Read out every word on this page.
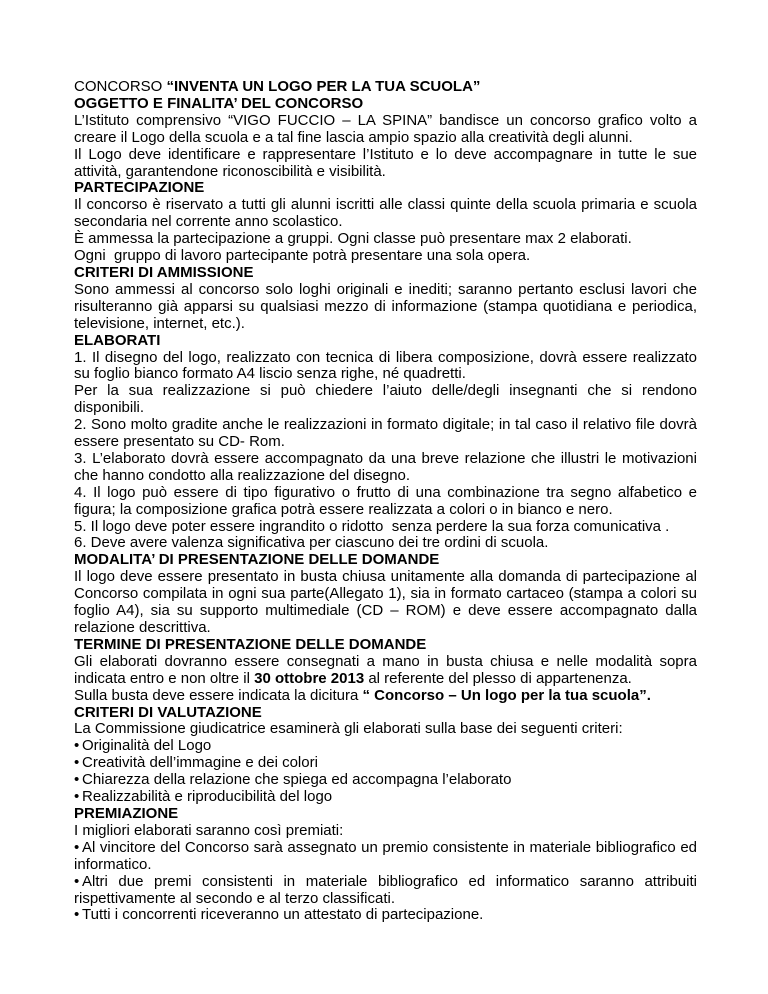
CONCORSO “INVENTA UN LOGO PER LA TUA SCUOLA”

OGGETTO E FINALITA’ DEL CONCORSO

L’Istituto comprensivo “VIGO FUCCIO – LA SPINA” bandisce un concorso grafico volto a creare il Logo della scuola e a tal fine lascia ampio spazio alla creatività degli alunni.

Il Logo deve identificare e rappresentare l’Istituto e lo deve accompagnare in tutte le sue attività, garantendone riconoscibilità e visibilità.

PARTECIPAZIONE

Il concorso è riservato a tutti gli alunni iscritti alle classi quinte della scuola primaria e scuola secondaria nel corrente anno scolastico.

È ammessa la partecipazione a gruppi. Ogni classe può presentare max 2 elaborati.

Ogni  gruppo di lavoro partecipante potrà presentare una sola opera.

CRITERI DI AMMISSIONE

Sono ammessi al concorso solo loghi originali e inediti; saranno pertanto esclusi lavori che risulteranno già apparsi su qualsiasi mezzo di informazione (stampa quotidiana e periodica, televisione, internet, etc.).

ELABORATI

1. Il disegno del logo, realizzato con tecnica di libera composizione, dovrà essere realizzato su foglio bianco formato A4 liscio senza righe, né quadretti.

Per la sua realizzazione si può chiedere l’aiuto delle/degli insegnanti che si rendono disponibili.

2. Sono molto gradite anche le realizzazioni in formato digitale; in tal caso il relativo file dovrà essere presentato su CD- Rom.

3. L’elaborato dovrà essere accompagnato da una breve relazione che illustri le motivazioni che hanno condotto alla realizzazione del disegno.

4. Il logo può essere di tipo figurativo o frutto di una combinazione tra segno alfabetico e figura; la composizione grafica potrà essere realizzata a colori o in bianco e nero.

5. Il logo deve poter essere ingrandito o ridotto  senza perdere la sua forza comunicativa .

6. Deve avere valenza significativa per ciascuno dei tre ordini di scuola.

MODALITA’ DI PRESENTAZIONE DELLE DOMANDE

Il logo deve essere presentato in busta chiusa unitamente alla domanda di partecipazione al Concorso compilata in ogni sua parte(Allegato 1), sia in formato cartaceo (stampa a colori su foglio A4), sia su supporto multimediale (CD – ROM) e deve essere accompagnato dalla relazione descrittiva.

TERMINE DI PRESENTAZIONE DELLE DOMANDE

Gli elaborati dovranno essere consegnati a mano in busta chiusa e nelle modalità sopra indicata entro e non oltre il 30 ottobre 2013 al referente del plesso di appartenenza.

Sulla busta deve essere indicata la dicitura “ Concorso – Un logo per la tua scuola”.

CRITERI DI VALUTAZIONE

La Commissione giudicatrice esaminerà gli elaborati sulla base dei seguenti criteri:

• Originalità del Logo

• Creatività dell’immagine e dei colori

• Chiarezza della relazione che spiega ed accompagna l’elaborato

• Realizzabilità e riproducibilità del logo

PREMIAZIONE

I migliori elaborati saranno così premiati:

• Al vincitore del Concorso sarà assegnato un premio consistente in materiale bibliografico ed informatico.

• Altri due premi consistenti in materiale bibliografico ed informatico saranno attribuiti rispettivamente al secondo e al terzo classificati.

• Tutti i concorrenti riceveranno un attestato di partecipazione.
